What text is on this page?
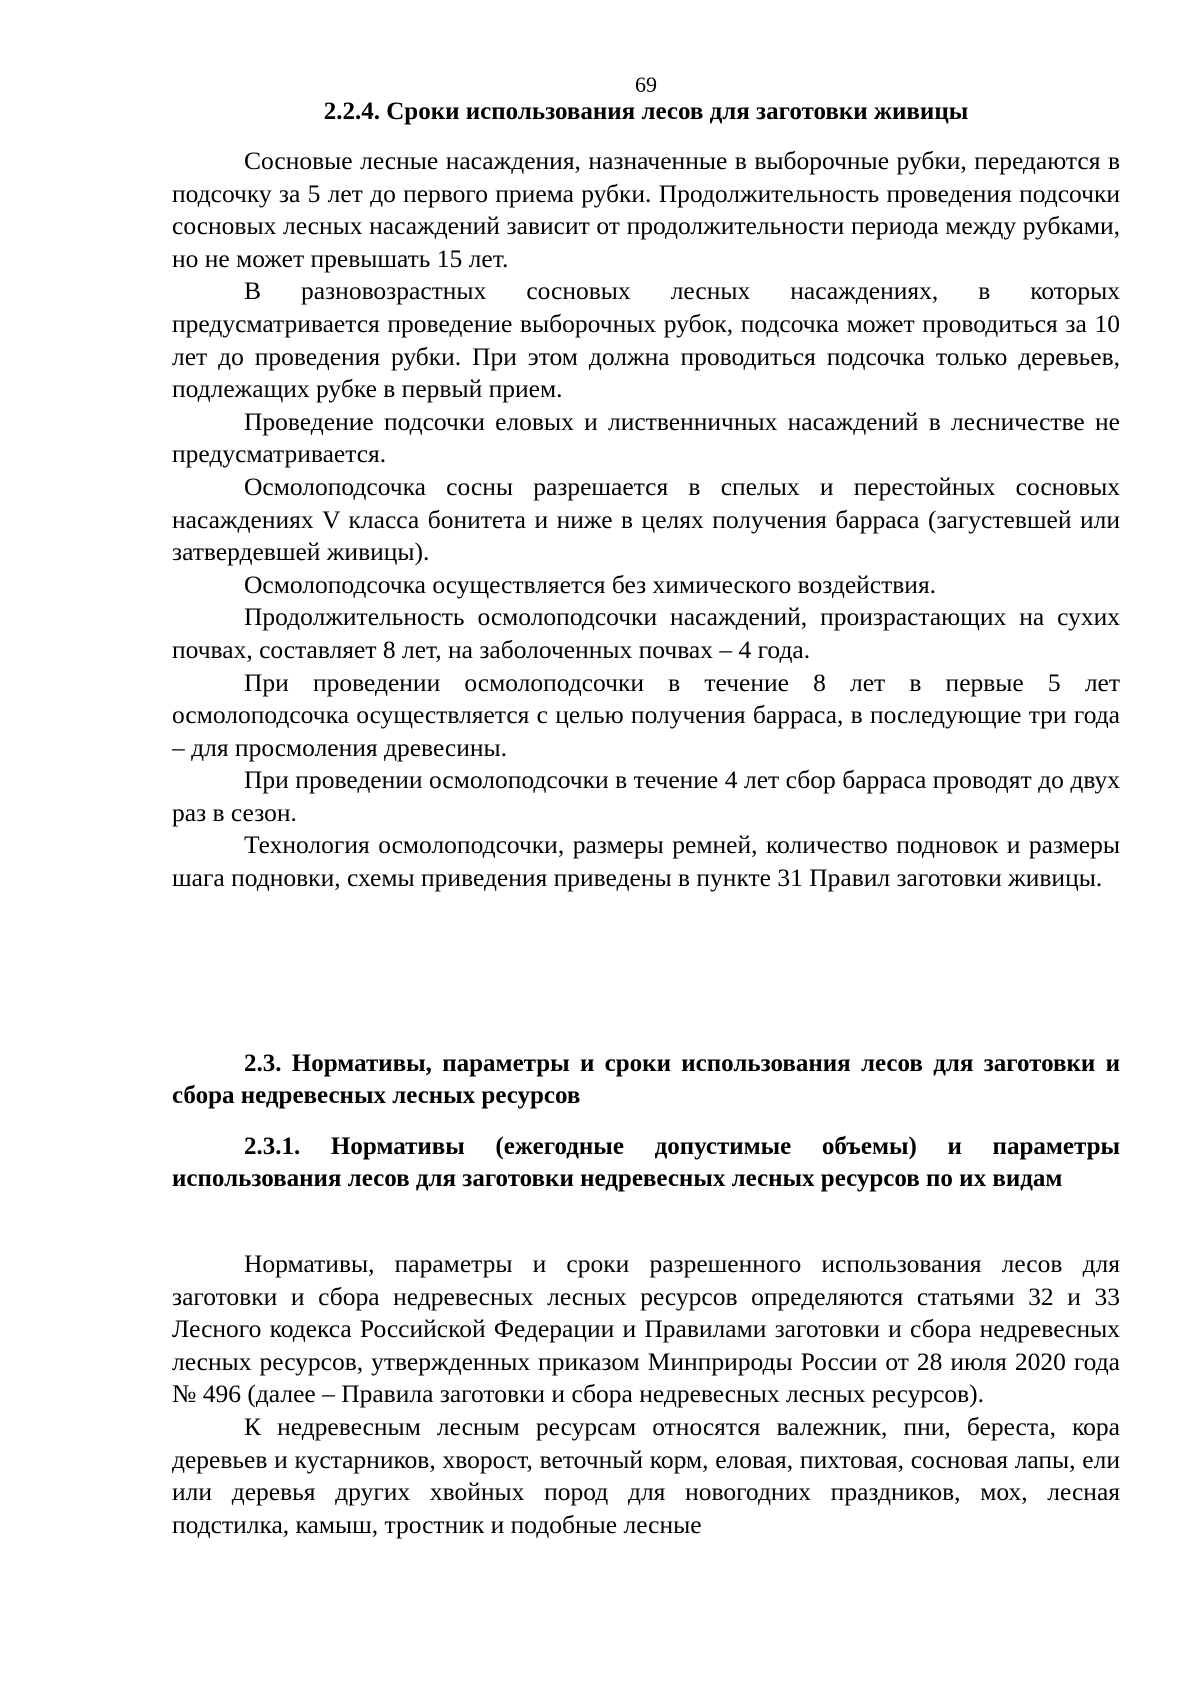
69
2.2.4. Сроки использования лесов для заготовки живицы

Сосновые лесные насаждения, назначенные в выборочные рубки, передаются в подсочку за 5 лет до первого приема рубки. Продолжительность проведения подсочки сосновых лесных насаждений зависит от продолжительности периода между рубками, но не может превышать 15 лет.

В разновозрастных сосновых лесных насаждениях, в которых предусматривается проведение выборочных рубок, подсочка может проводиться за 10 лет до проведения рубки. При этом должна проводиться подсочка только деревьев, подлежащих рубке в первый прием.

Проведение подсочки еловых и лиственничных насаждений в лесничестве не предусматривается.

Осмолоподсочка сосны разрешается в спелых и перестойных сосновых насаждениях V класса бонитета и ниже в целях получения барраса (загустевшей или затвердевшей живицы).

Осмолоподсочка осуществляется без химического воздействия.

Продолжительность осмолоподсочки насаждений, произрастающих на сухих почвах, составляет 8 лет, на заболоченных почвах – 4 года.

При проведении осмолоподсочки в течение 8 лет в первые 5 лет осмолоподсочка осуществляется с целью получения барраса, в последующие три года – для просмоления древесины.

При проведении осмолоподсочки в течение 4 лет сбор барраса проводят до двух раз в сезон.

Технология осмолоподсочки, размеры ремней, количество подновок и размеры шага подновки, схемы приведения приведены в пункте 31 Правил заготовки живицы.

2.3. Нормативы, параметры и сроки использования лесов для заготовки и сбора недревесных лесных ресурсов
2.3.1. Нормативы (ежегодные допустимые объемы) и параметры использования лесов для заготовки недревесных лесных ресурсов по их видам

Нормативы, параметры и сроки разрешенного использования лесов для заготовки и сбора недревесных лесных ресурсов определяются статьями 32 и 33 Лесного кодекса Российской Федерации и Правилами заготовки и сбора недревесных лесных ресурсов, утвержденных приказом Минприроды России от 28 июля 2020 года № 496 (далее – Правила заготовки и сбора недревесных лесных ресурсов).

К недревесным лесным ресурсам относятся валежник, пни, береста, кора деревьев и кустарников, хворост, веточный корм, еловая, пихтовая, сосновая лапы, ели или деревья других хвойных пород для новогодних праздников, мох, лесная подстилка, камыш, тростник и подобные лесные
